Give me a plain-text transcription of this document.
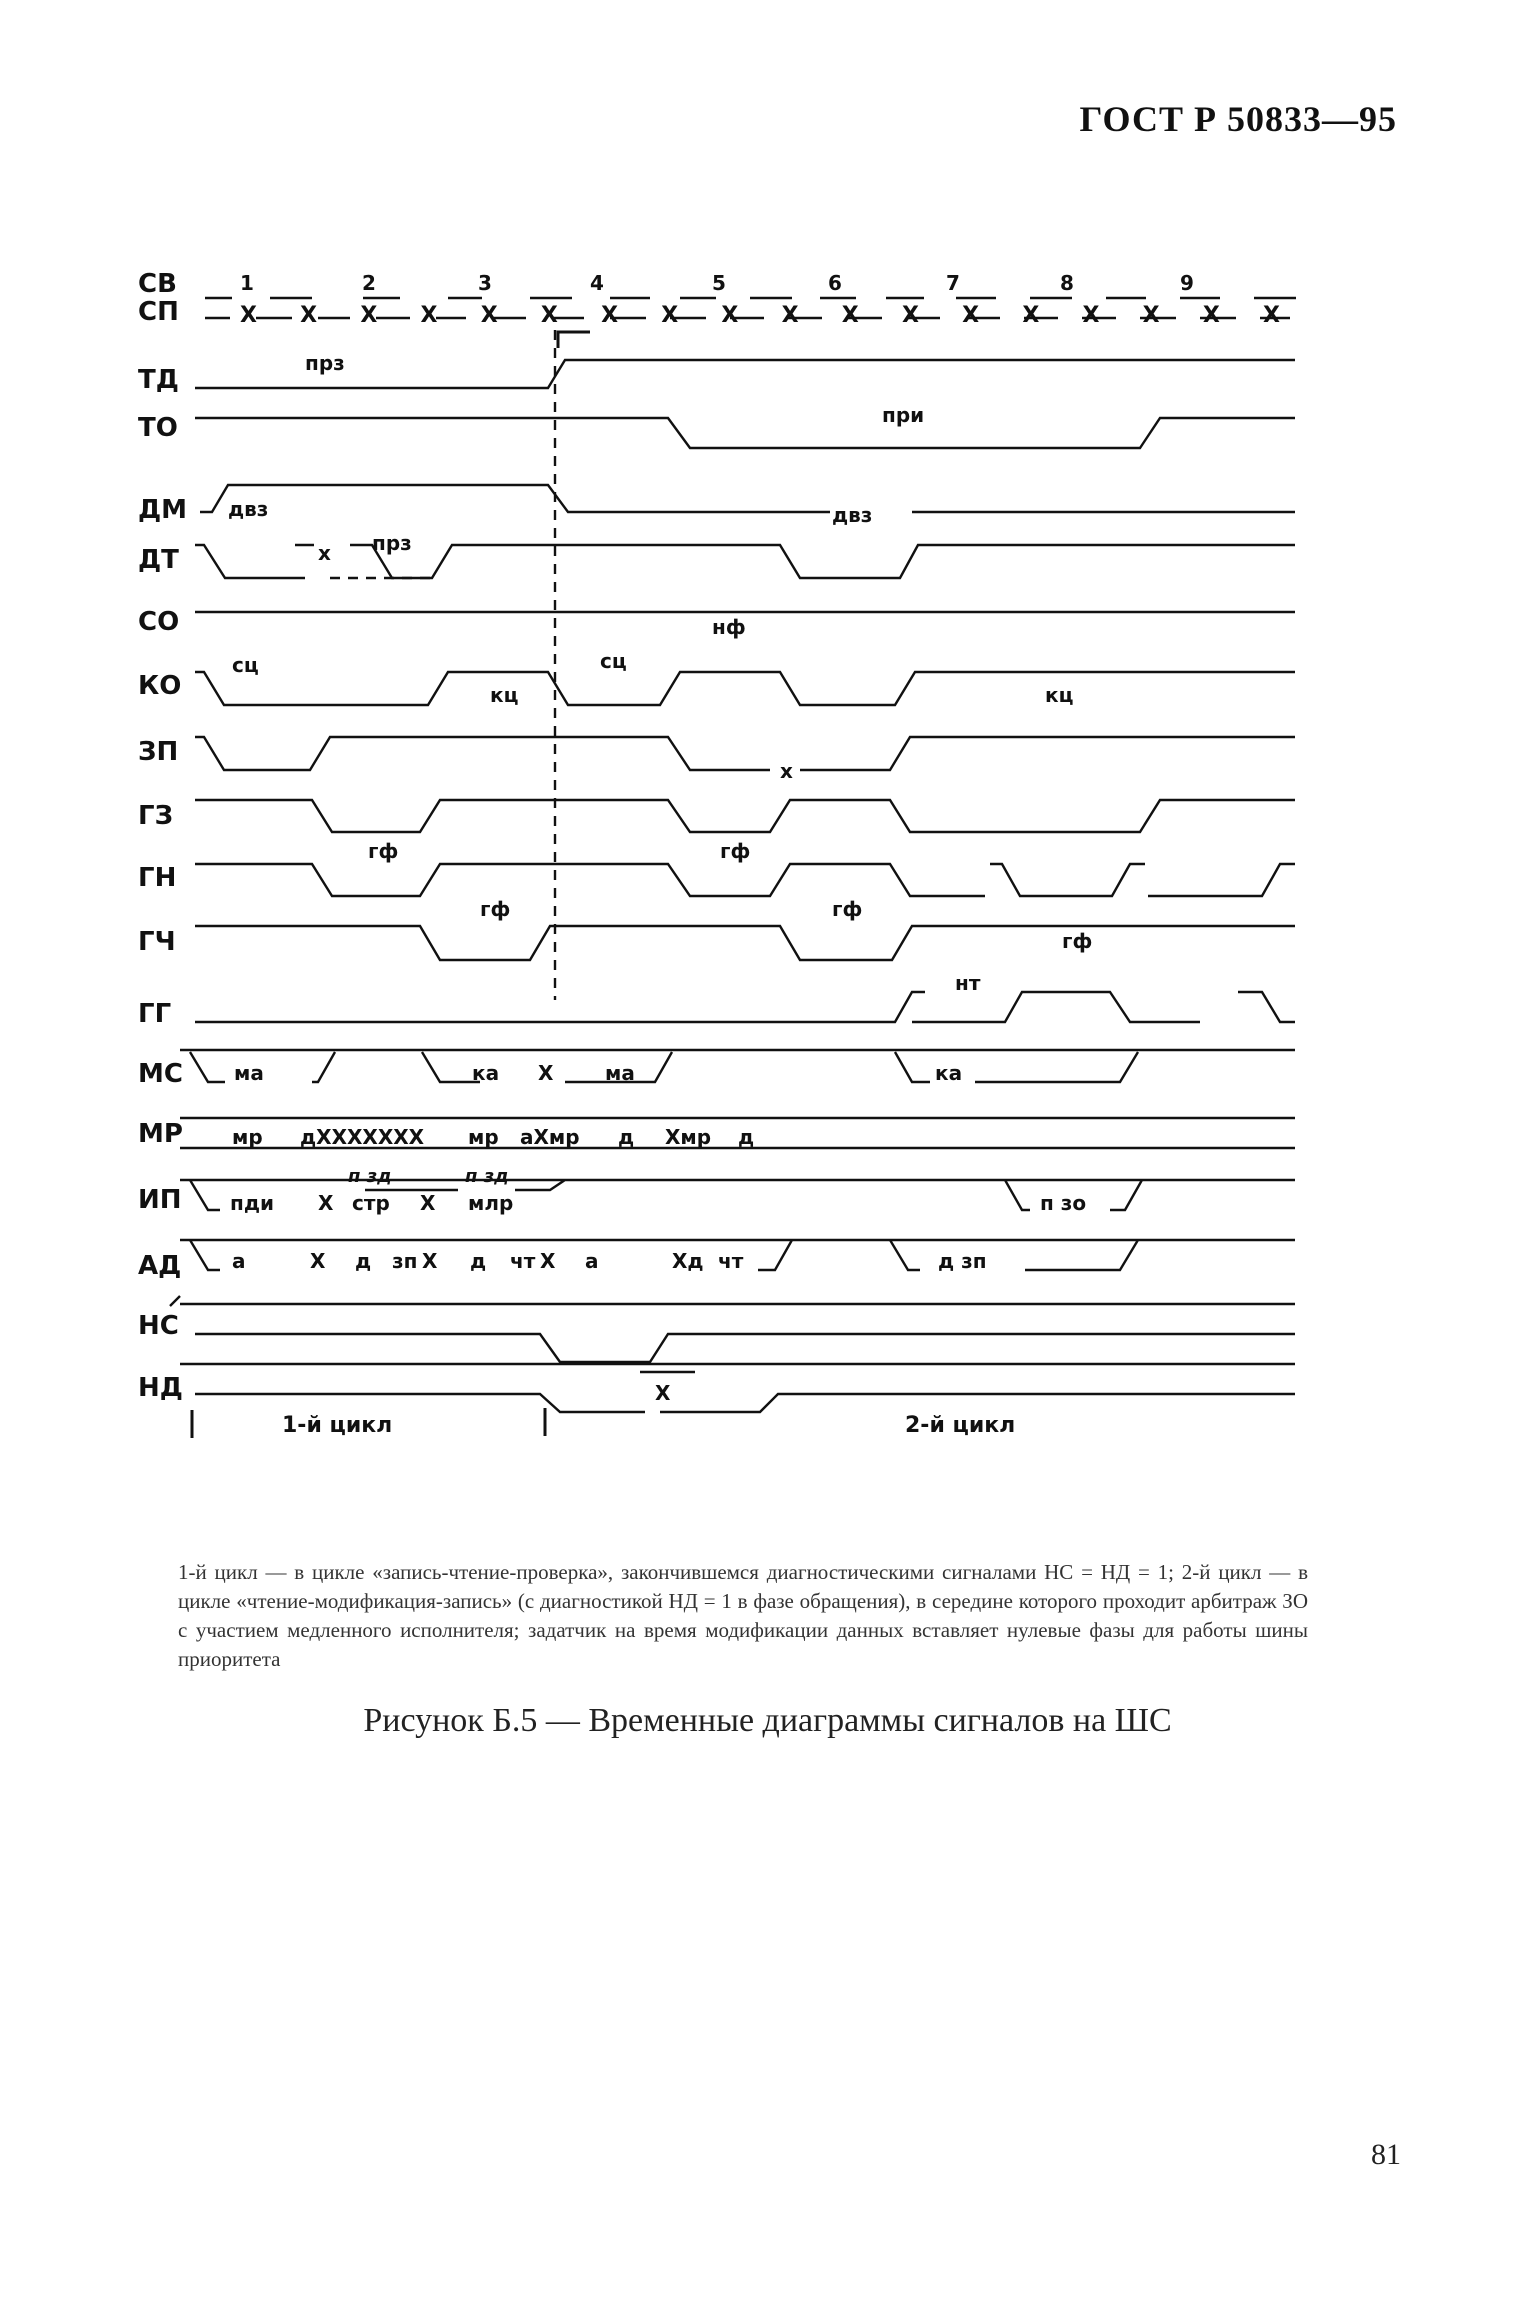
ГОСТ Р 50833—95
СВ
СП
ТД
ТО
ДМ
ДТ
СО
КО
ЗП
ГЗ
ГН
ГЧ
ГГ
МС
МР
ИП
АД
НС
НД
1	2	3	4	5	6	7	8	9
Х Х Х Х Х Х Х Х Х Х Х Х Х Х Х Х Х Х
прз
при
двз	двз
х прз
нф
сц
кц
сц
кц
х
гф	гф
гф	гф
гф
нт
ма	ка Х	ма	ка
мр дХХХХХХХ мр аХмр д Хмр д
п зд	п зд
пди Х стр Х млр	п зо
а	Х д зп Х д чт Х а	Хд чт	д зп
Х
1-й цикл	2-й цикл
1-й цикл — в цикле «запись-чтение-проверка», закончившемся диагностическими сигналами НС = НД = 1; 2-й цикл — в цикле «чтение-модификация-запись» (с диагностикой НД = 1 в фазе обращения), в середине которого проходит арбитраж ЗО с участием медленного исполнителя; задатчик на время модификации данных вставляет нулевые фазы для работы шины приоритета
Рисунок Б.5 — Временные диаграммы сигналов на ШС
81
